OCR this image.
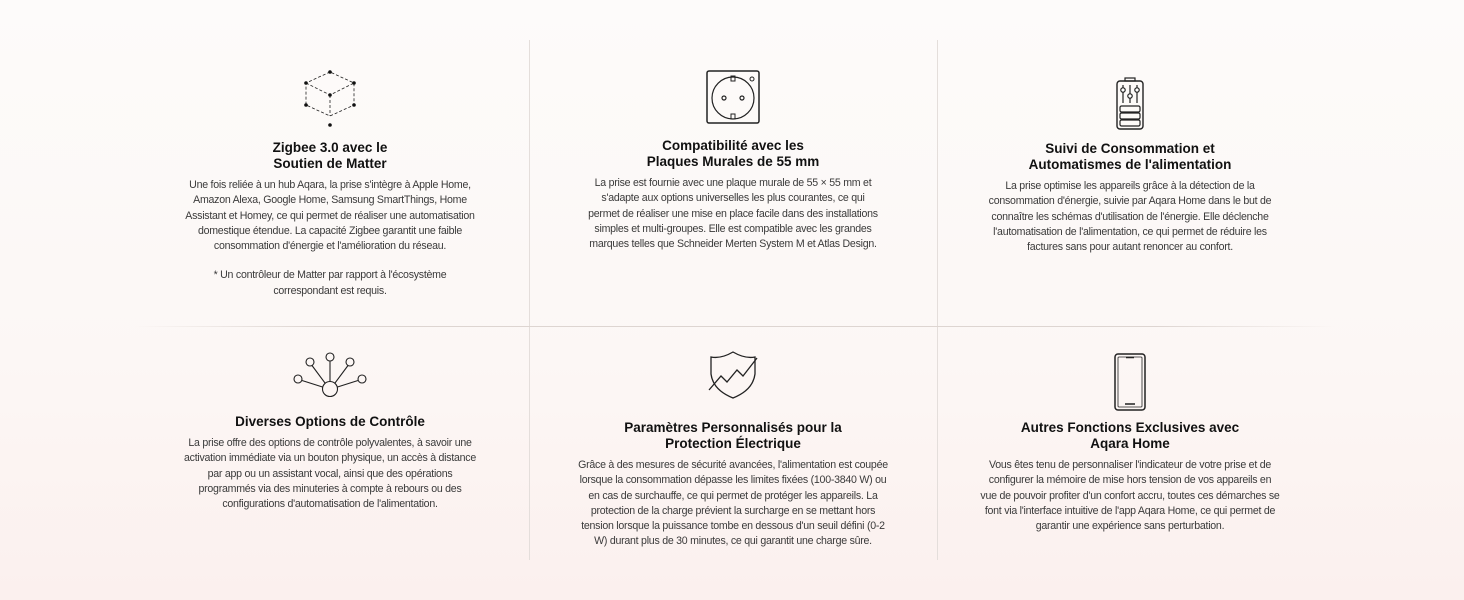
Zigbee 3.0 avec le
Soutien de Matter

Une fois reliée à un hub Aqara, la prise s'intègre à Apple Home, Amazon Alexa, Google Home, Samsung SmartThings, Home Assistant et Homey, ce qui permet de réaliser une automatisation domestique étendue. La capacité Zigbee garantit une faible consommation d'énergie et l'amélioration du réseau.

* Un contrôleur de Matter par rapport à l'écosystème correspondant est requis.

Compatibilité avec les
Plaques Murales de 55 mm

La prise est fournie avec une plaque murale de 55 × 55 mm et s'adapte aux options universelles les plus courantes, ce qui permet de réaliser une mise en place facile dans des installations simples et multi-groupes. Elle est compatible avec les grandes marques telles que Schneider Merten System M et Atlas Design.

Suivi de Consommation et
Automatismes de l'alimentation

La prise optimise les appareils grâce à la détection de la consommation d'énergie, suivie par Aqara Home dans le but de connaître les schémas d'utilisation de l'énergie. Elle déclenche l'automatisation de l'alimentation, ce qui permet de réduire les factures sans pour autant renoncer au confort.

Diverses Options de Contrôle

La prise offre des options de contrôle polyvalentes, à savoir une activation immédiate via un bouton physique, un accès à distance par app ou un assistant vocal, ainsi que des opérations programmés via des minuteries à compte à rebours ou des configurations d'automatisation de l'alimentation.

Paramètres Personnalisés pour la
Protection Électrique

Grâce à des mesures de sécurité avancées, l'alimentation est coupée lorsque la consommation dépasse les limites fixées (100-3840 W) ou en cas de surchauffe, ce qui permet de protéger les appareils. La protection de la charge prévient la surcharge en se mettant hors tension lorsque la puissance tombe en dessous d'un seuil défini (0-2 W) durant plus de 30 minutes, ce qui garantit une charge sûre.

Autres Fonctions Exclusives avec
Aqara Home

Vous êtes tenu de personnaliser l'indicateur de votre prise et de configurer la mémoire de mise hors tension de vos appareils en vue de pouvoir profiter d'un confort accru, toutes ces démarches se font via l'interface intuitive de l'app Aqara Home, ce qui permet de garantir une expérience sans perturbation.
